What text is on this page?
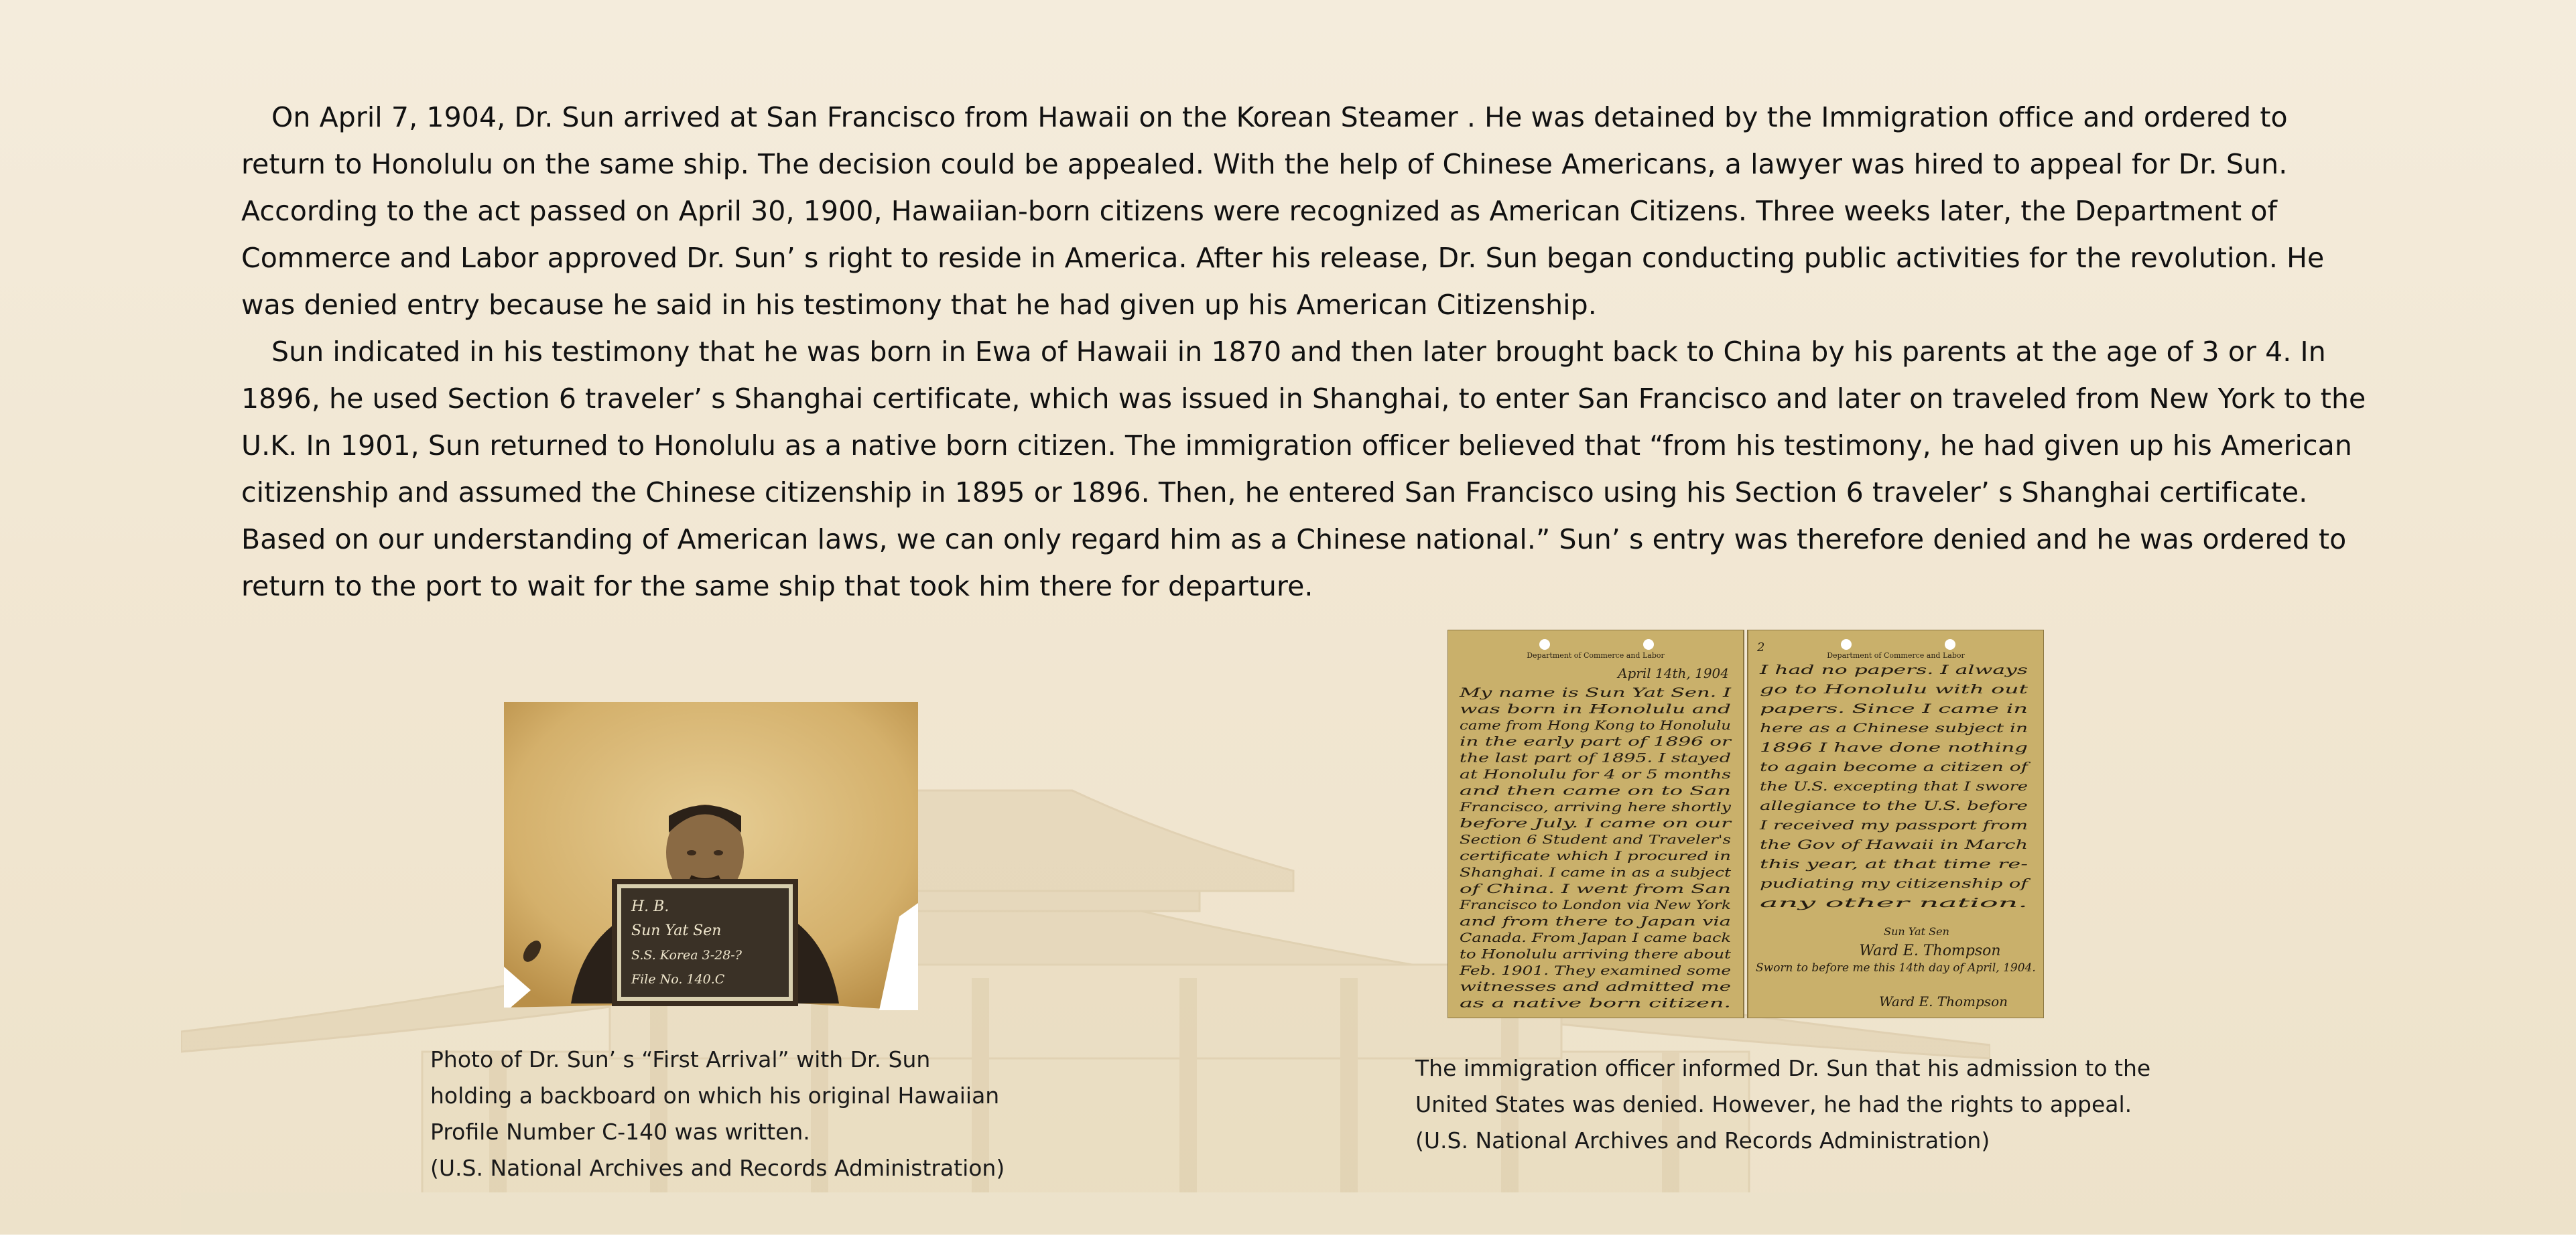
On April 7, 1904, Dr. Sun arrived at San Francisco from Hawaii on the Korean Steamer . He was detained by the Immigration office and ordered to return to Honolulu on the same ship. The decision could be appealed. With the help of Chinese Americans, a lawyer was hired to appeal for Dr. Sun. According to the act passed on April 30, 1900, Hawaiian-born citizens were recognized as American Citizens. Three weeks later, the Department of Commerce and Labor approved Dr. Sun’ s right to reside in America. After his release, Dr. Sun began conducting public activities for the revolution. He was denied entry because he said in his testimony that he had given up his American Citizenship.

Sun indicated in his testimony that he was born in Ewa of Hawaii in 1870 and then later brought back to China by his parents at the age of 3 or 4. In 1896, he used Section 6 traveler’ s Shanghai certificate, which was issued in Shanghai, to enter San Francisco and later on traveled from New York to the U.K. In 1901, Sun returned to Honolulu as a native born citizen. The immigration officer believed that “from his testimony, he had given up his American citizenship and assumed the Chinese citizenship in 1895 or 1896. Then, he entered San Francisco using his Section 6 traveler’ s Shanghai certificate. Based on our understanding of American laws, we can only regard him as a Chinese national.” Sun’ s entry was therefore denied and he was ordered to return to the port to wait for the same ship that took him there for departure.

H. B.
Sun Yat Sen
S.S. Korea 3-28-?
File No. 140.C
Department of Commerce and Labor
April 14th, 1904
My name is Sun Yat Sen. I
was born in Honolulu and
came from Hong Kong to Honolulu
in the early part of 1896 or
the last part of 1895. I stayed
at Honolulu for 4 or 5 months
and then came on to San
Francisco, arriving here shortly
before July. I came on our
Section 6 Student and Traveler's
certificate which I procured in
Shanghai. I came in as a subject
of China. I went from San
Francisco to London via New York
and from there to Japan via
Canada. From Japan I came back
to Honolulu arriving there about
Feb. 1901. They examined some
witnesses and admitted me
as a native born citizen.
Department of Commerce and Labor
2
I had no papers. I always
go to Honolulu with out
papers. Since I came in
here as a Chinese subject in
1896 I have done nothing
to again become a citizen of
the U.S. excepting that I swore
allegiance to the U.S. before
I received my passport from
the Gov of Hawaii in March
this year, at that time re-
pudiating my citizenship of
any other nation.
Sun Yat Sen
Ward E. Thompson
Sworn to before me this 14th day of April, 1904.
Ward E. Thompson
Photo of Dr. Sun’ s “First Arrival” with Dr. Sun
holding a backboard on which his original Hawaiian
Profile Number C-140 was written.
(U.S. National Archives and Records Administration)
The immigration officer informed Dr. Sun that his admission to the
United States was denied. However, he had the rights to appeal.
(U.S. National Archives and Records Administration)
